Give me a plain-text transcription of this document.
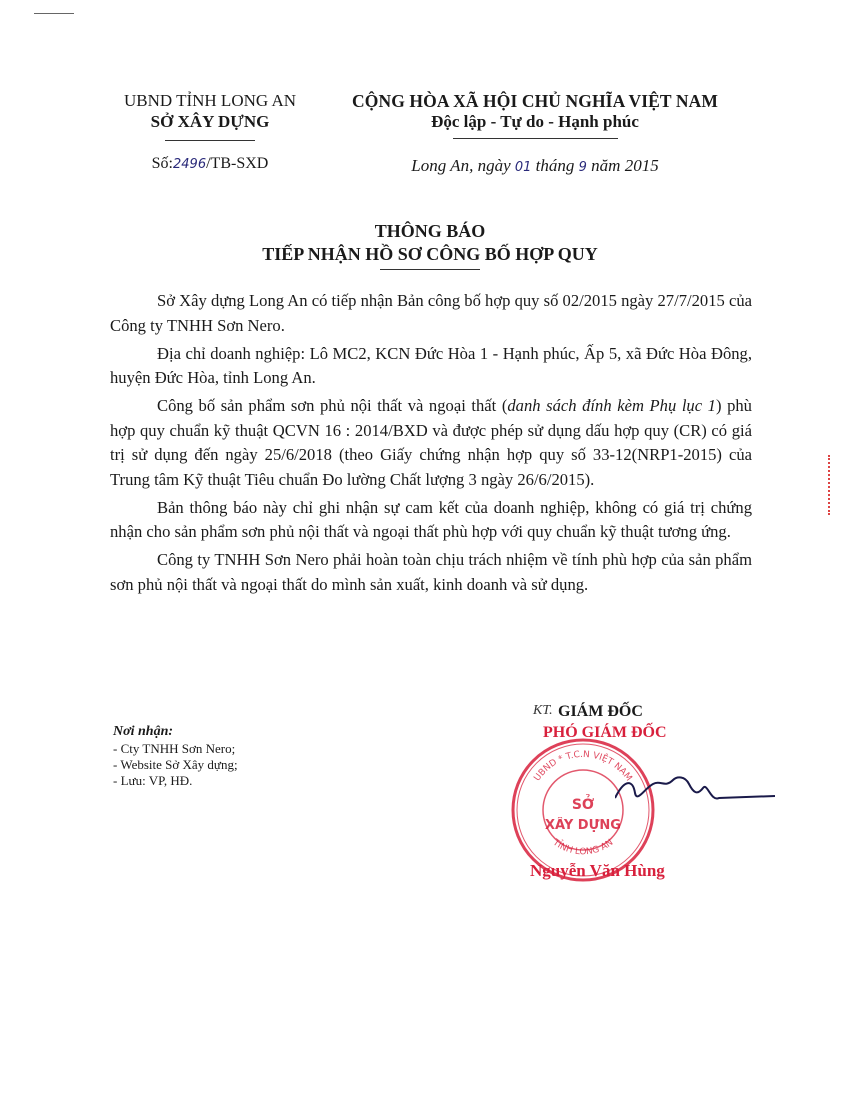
UBND TỈNH LONG AN
SỞ XÂY DỰNG
Số:2496/TB-SXD
CỘNG HÒA XÃ HỘI CHỦ NGHĨA VIỆT NAM
Độc lập - Tự do - Hạnh phúc
Long An, ngày 01 tháng 9 năm 2015
THÔNG BÁO
TIẾP NHẬN HỒ SƠ CÔNG BỐ HỢP QUY

Sở Xây dựng Long An có tiếp nhận Bản công bố hợp quy số 02/2015 ngày 27/7/2015 của Công ty TNHH Sơn Nero.

Địa chỉ doanh nghiệp: Lô MC2, KCN Đức Hòa 1 - Hạnh phúc, Ấp 5, xã Đức Hòa Đông, huyện Đức Hòa, tỉnh Long An.

Công bố sản phẩm sơn phủ nội thất và ngoại thất (danh sách đính kèm Phụ lục 1) phù hợp quy chuẩn kỹ thuật QCVN 16 : 2014/BXD và được phép sử dụng dấu hợp quy (CR) có giá trị sử dụng đến ngày 25/6/2018 (theo Giấy chứng nhận hợp quy số 33-12(NRP1-2015) của Trung tâm Kỹ thuật Tiêu chuẩn Đo lường Chất lượng 3 ngày 26/6/2015).

Bản thông báo này chỉ ghi nhận sự cam kết của doanh nghiệp, không có giá trị chứng nhận cho sản phẩm sơn phủ nội thất và ngoại thất phù hợp với quy chuẩn kỹ thuật tương ứng.

Công ty TNHH Sơn Nero phải hoàn toàn chịu trách nhiệm về tính phù hợp của sản phẩm sơn phủ nội thất và ngoại thất do mình sản xuất, kinh doanh và sử dụng.

Nơi nhận:
- Cty TNHH Sơn Nero;
- Website Sở Xây dựng;
- Lưu: VP, HĐ.
KT. GIÁM ĐỐC
PHÓ GIÁM ĐỐC
UBND * T.C.N VIỆT NAM
TỈNH LONG AN
SỞ
XÂY DỰNG
Nguyễn Văn Hùng
